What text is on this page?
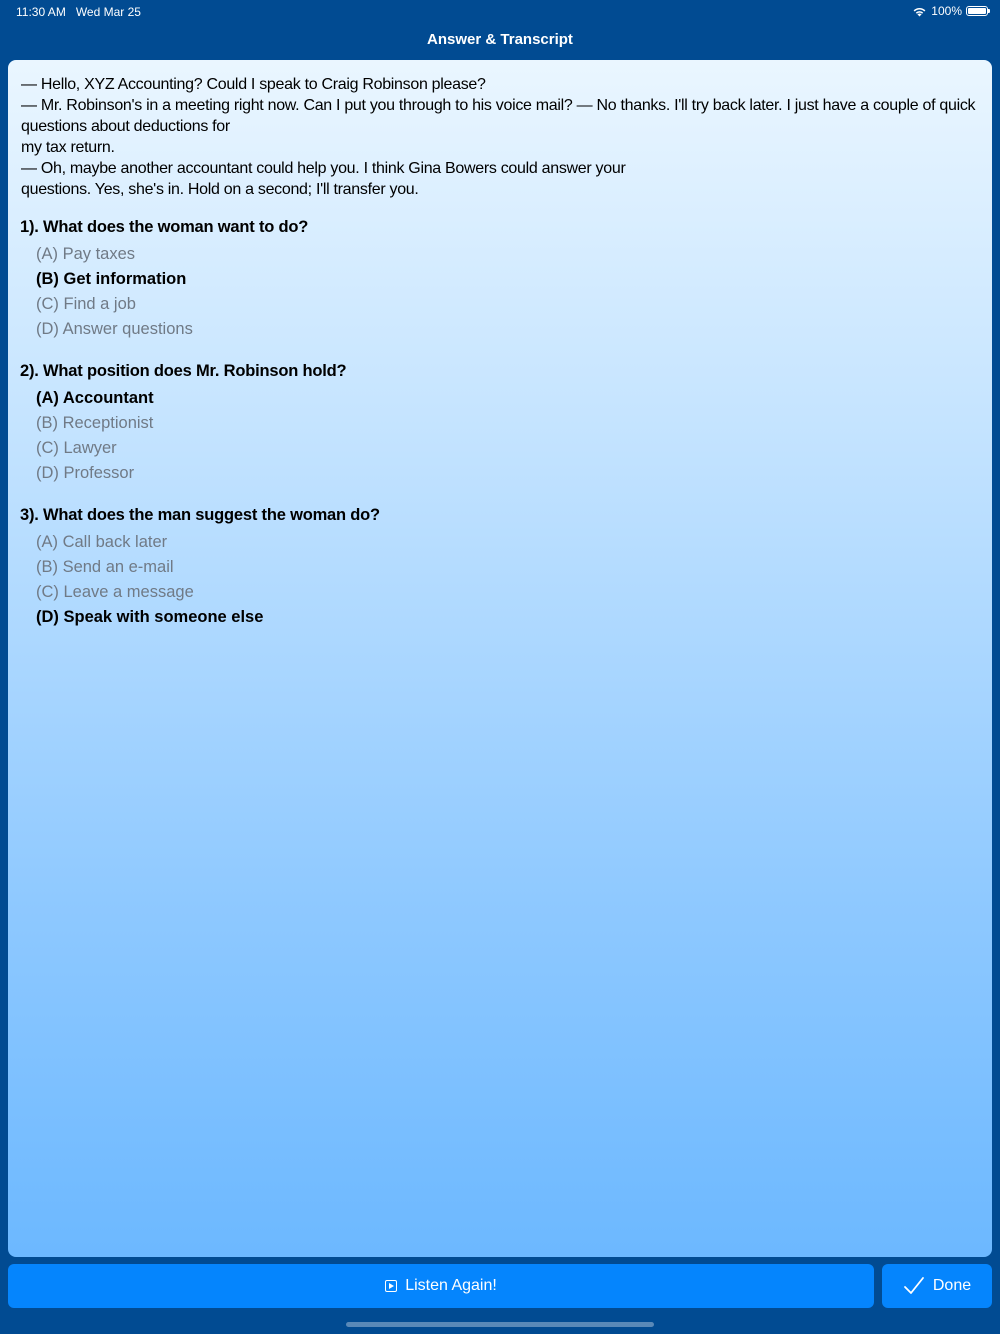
11:30 AM   Wed Mar 25	100%
Answer & Transcript

— Hello, XYZ Accounting? Could I speak to Craig Robinson please?

— Mr. Robinson's in a meeting right now. Can I put you through to his voice mail? — No thanks. I'll try back later. I just have a couple of quick questions about deductions for

my tax return.

— Oh, maybe another accountant could help you. I think Gina Bowers could answer your questions. Yes, she's in. Hold on a second; I'll transfer you.

1). What does the woman want to do?
(A) Pay taxes
(B) Get information
(C) Find a job
(D) Answer questions
2). What position does Mr. Robinson hold?
(A) Accountant
(B) Receptionist
(C) Lawyer
(D) Professor
3). What does the man suggest the woman do?
(A) Call back later
(B) Send an e-mail
(C) Leave a message
(D) Speak with someone else
Listen Again!	Done
